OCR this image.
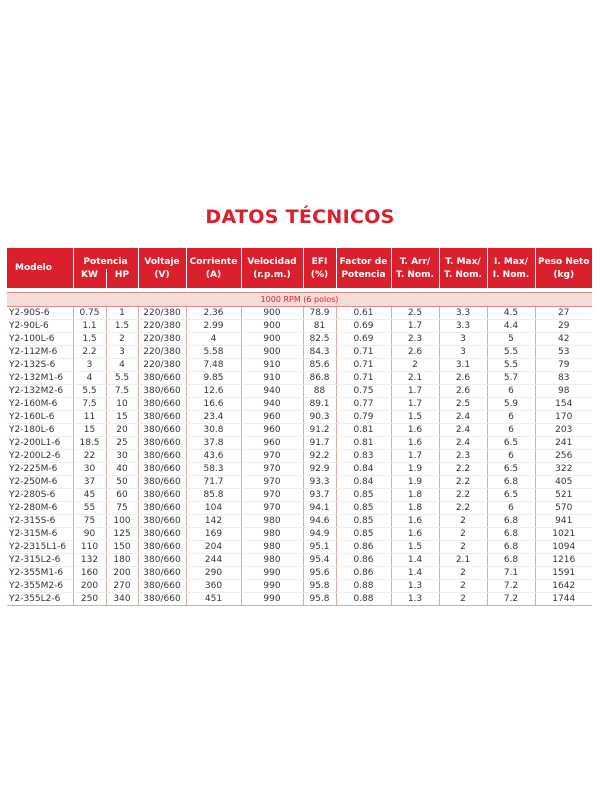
DATOS TÉCNICOS
Modelo	Potencia		Voltaje	Corriente	Velocidad	EFI	Factor de	T. Arr/	T. Max/	I. Max/	Peso Neto
	KW	HP	(V)	(A)	(r.p.m.)	(%)	Potencia	T. Nom.	T. Nom.	I. Nom.	(kg)

1000 RPM (6 polos)											
Y2-90S-6	0.75	1	220/380	2.36	900	78.9	0.61	2.5	3.3	4.5	27
Y2-90L-6	1.1	1.5	220/380	2.99	900	81	0.69	1.7	3.3	4.4	29
Y2-100L-6	1.5	2	220/380	4	900	82.5	0.69	2.3	3	5	42
Y2-112M-6	2.2	3	220/380	5.58	900	84.3	0.71	2.6	3	5.5	53
Y2-132S-6	3	4	220/380	7.48	910	85.6	0.71	2	3.1	5.5	79
Y2-132M1-6	4	5.5	380/660	9.85	910	86.8	0.71	2.1	2.6	5.7	83
Y2-132M2-6	5.5	7.5	380/660	12.6	940	88	0.75	1.7	2.6	6	98
Y2-160M-6	7.5	10	380/660	16.6	940	89.1	0.77	1.7	2.5	5.9	154
Y2-160L-6	11	15	380/660	23.4	960	90.3	0.79	1.5	2.4	6	170
Y2-180L-6	15	20	380/660	30.8	960	91.2	0.81	1.6	2.4	6	203
Y2-200L1-6	18.5	25	380/660	37.8	960	91.7	0.81	1.6	2.4	6.5	241
Y2-200L2-6	22	30	380/660	43.6	970	92.2	0.83	1.7	2.3	6	256
Y2-225M-6	30	40	380/660	58.3	970	92.9	0.84	1.9	2.2	6.5	322
Y2-250M-6	37	50	380/660	71.7	970	93.3	0.84	1.9	2.2	6.8	405
Y2-280S-6	45	60	380/660	85.8	970	93.7	0.85	1.8	2.2	6.5	521
Y2-280M-6	55	75	380/660	104	970	94.1	0.85	1.8	2.2	6	570
Y2-315S-6	75	100	380/660	142	980	94.6	0.85	1.6	2	6.8	941
Y2-315M-6	90	125	380/660	169	980	94.9	0.85	1.6	2	6.8	1021
Y2-2315L1-6	110	150	380/660	204	980	95.1	0.86	1.5	2	6.8	1094
Y2-315L2-6	132	180	380/660	244	980	95.4	0.86	1.4	2.1	6.8	1216
Y2-355M1-6	160	200	380/660	290	990	95.6	0.86	1.4	2	7.1	1591
Y2-355M2-6	200	270	380/660	360	990	95.8	0.88	1.3	2	7.2	1642
Y2-355L2-6	250	340	380/660	451	990	95.8	0.88	1.3	2	7.2	1744
